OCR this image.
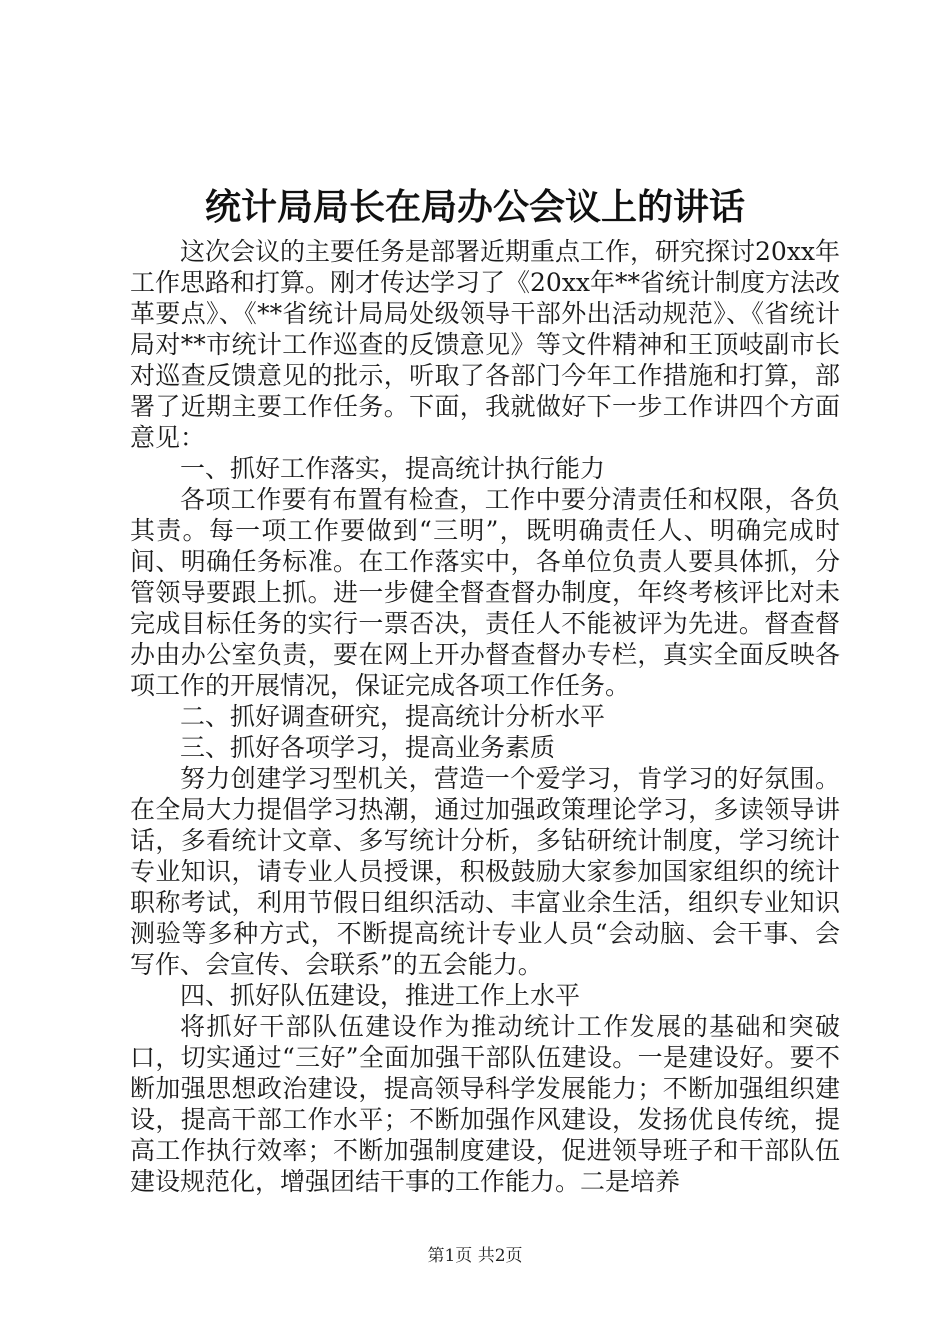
统计局局长在局办公会议上的讲话

这次会议的主要任务是部署近期重点工作，研究探讨20xx年工作思路和打算。刚才传达学习了《20xx年**省统计制度方法改革要点》、《**省统计局局处级领导干部外出活动规范》、《省统计局对**市统计工作巡查的反馈意见》等文件精神和王顶岐副市长对巡查反馈意见的批示，听取了各部门今年工作措施和打算，部署了近期主要工作任务。下面，我就做好下一步工作讲四个方面意见：

一、抓好工作落实，提高统计执行能力

各项工作要有布置有检查，工作中要分清责任和权限，各负其责。每一项工作要做到“三明”，既明确责任人、明确完成时间、明确任务标准。在工作落实中，各单位负责人要具体抓，分管领导要跟上抓。进一步健全督查督办制度，年终考核评比对未完成目标任务的实行一票否决，责任人不能被评为先进。督查督办由办公室负责，要在网上开办督查督办专栏，真实全面反映各项工作的开展情况，保证完成各项工作任务。

二、抓好调查研究，提高统计分析水平

三、抓好各项学习，提高业务素质

努力创建学习型机关，营造一个爱学习，肯学习的好氛围。在全局大力提倡学习热潮，通过加强政策理论学习，多读领导讲话，多看统计文章、多写统计分析，多钻研统计制度，学习统计专业知识，请专业人员授课，积极鼓励大家参加国家组织的统计职称考试，利用节假日组织活动、丰富业余生活，组织专业知识测验等多种方式，不断提高统计专业人员“会动脑、会干事、会写作、会宣传、会联系”的五会能力。

四、抓好队伍建设，推进工作上水平

将抓好干部队伍建设作为推动统计工作发展的基础和突破口，切实通过“三好”全面加强干部队伍建设。一是建设好。要不断加强思想政治建设，提高领导科学发展能力；不断加强组织建设，提高干部工作水平；不断加强作风建设，发扬优良传统，提高工作执行效率；不断加强制度建设，促进领导班子和干部队伍建设规范化，增强团结干事的工作能力。二是培养

第1页 共2页
